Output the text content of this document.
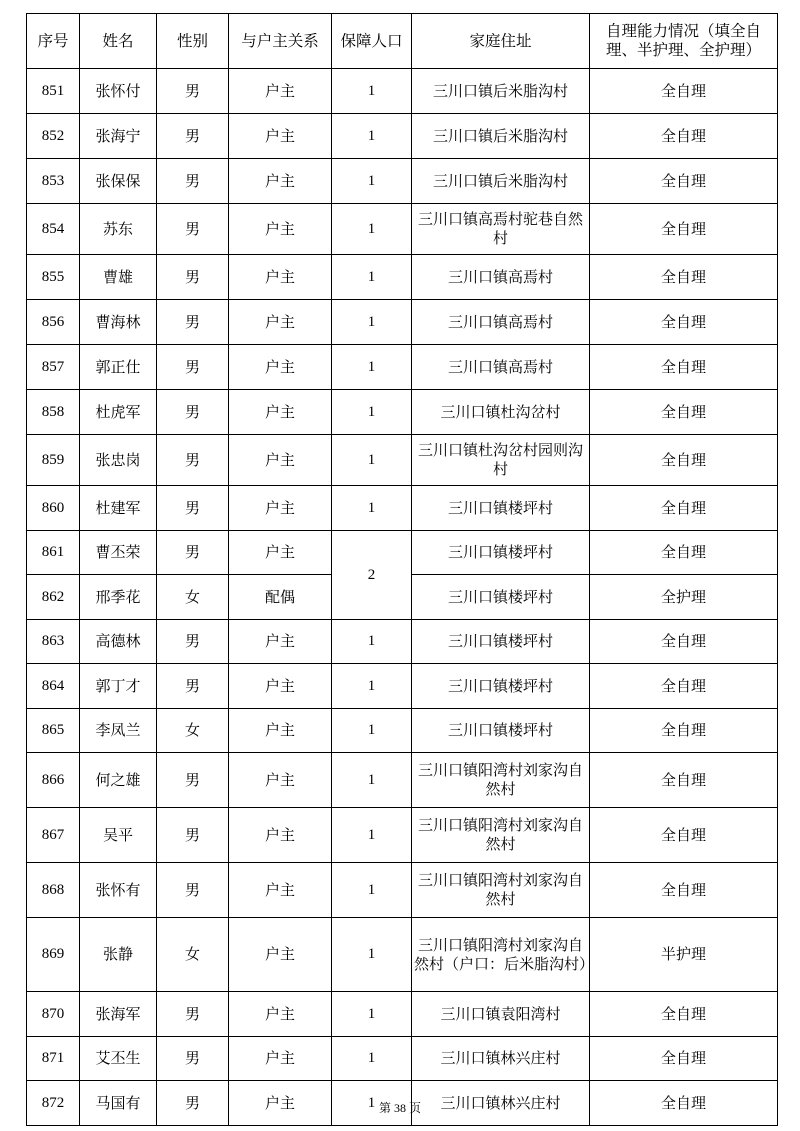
序号	姓名	性别	与户主关系	保障人口	家庭住址	自理能力情况（填全自理、半护理、全护理）
851	张怀付	男	户主	1	三川口镇后米脂沟村	全自理
852	张海宁	男	户主	1	三川口镇后米脂沟村	全自理
853	张保保	男	户主	1	三川口镇后米脂沟村	全自理
854	苏东	男	户主	1	三川口镇高焉村驼巷自然村	全自理
855	曹雄	男	户主	1	三川口镇高焉村	全自理
856	曹海林	男	户主	1	三川口镇高焉村	全自理
857	郭正仕	男	户主	1	三川口镇高焉村	全自理
858	杜虎军	男	户主	1	三川口镇杜沟岔村	全自理
859	张忠岗	男	户主	1	三川口镇杜沟岔村园则沟村	全自理
860	杜建军	男	户主	1	三川口镇楼坪村	全自理
861	曹丕荣	男	户主	2	三川口镇楼坪村	全自理
862	邢季花	女	配偶		三川口镇楼坪村	全护理
863	高德林	男	户主	1	三川口镇楼坪村	全自理
864	郭丁才	男	户主	1	三川口镇楼坪村	全自理
865	李凤兰	女	户主	1	三川口镇楼坪村	全自理
866	何之雄	男	户主	1	三川口镇阳湾村刘家沟自然村	全自理
867	吴平	男	户主	1	三川口镇阳湾村刘家沟自然村	全自理
868	张怀有	男	户主	1	三川口镇阳湾村刘家沟自然村	全自理
869	张静	女	户主	1	三川口镇阳湾村刘家沟自然村（户口：后米脂沟村）	半护理
870	张海军	男	户主	1	三川口镇袁阳湾村	全自理
871	艾丕生	男	户主	1	三川口镇林兴庄村	全自理
872	马国有	男	户主	1	三川口镇林兴庄村	全自理
第 38 页
